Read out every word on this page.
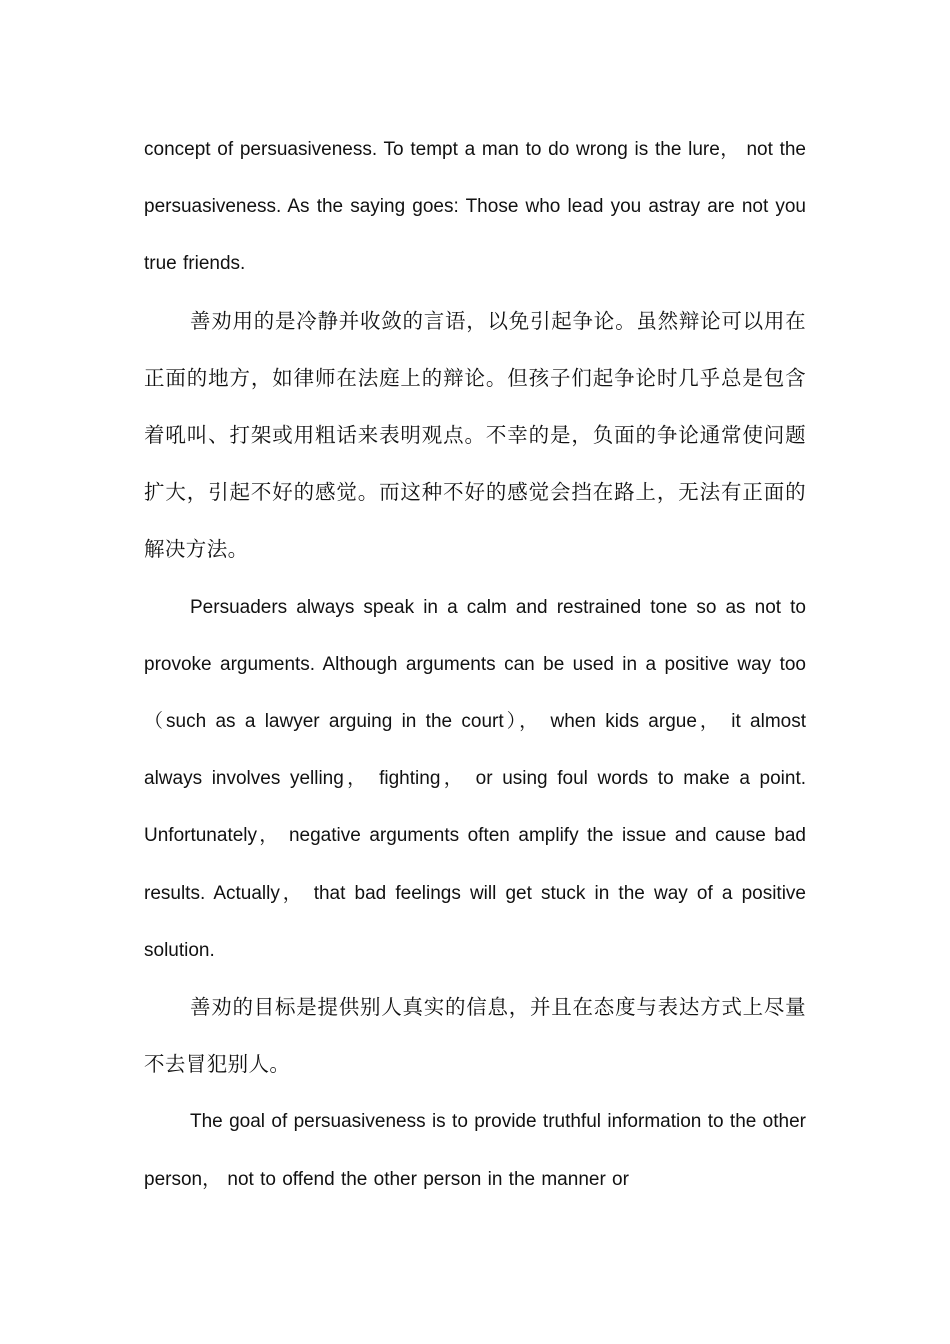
concept of persuasiveness. To tempt a man to do wrong is the lure， not the persuasiveness. As the saying goes: Those who lead you astray are not you true friends.

善劝用的是冷静并收敛的言语，以免引起争论。虽然辩论可以用在正面的地方，如律师在法庭上的辩论。但孩子们起争论时几乎总是包含着吼叫、打架或用粗话来表明观点。不幸的是，负面的争论通常使问题扩大，引起不好的感觉。而这种不好的感觉会挡在路上，无法有正面的解决方法。

Persuaders always speak in a calm and restrained tone so as not to provoke arguments. Although arguments can be used in a positive way too（such as a lawyer arguing in the court）， when kids argue， it almost always involves yelling， fighting， or using foul words to make a point. Unfortunately， negative arguments often amplify the issue and cause bad results. Actually， that bad feelings will get stuck in the way of a positive solution.

善劝的目标是提供别人真实的信息，并且在态度与表达方式上尽量不去冒犯别人。

The goal of persuasiveness is to provide truthful information to the other person， not to offend the other person in the manner or
